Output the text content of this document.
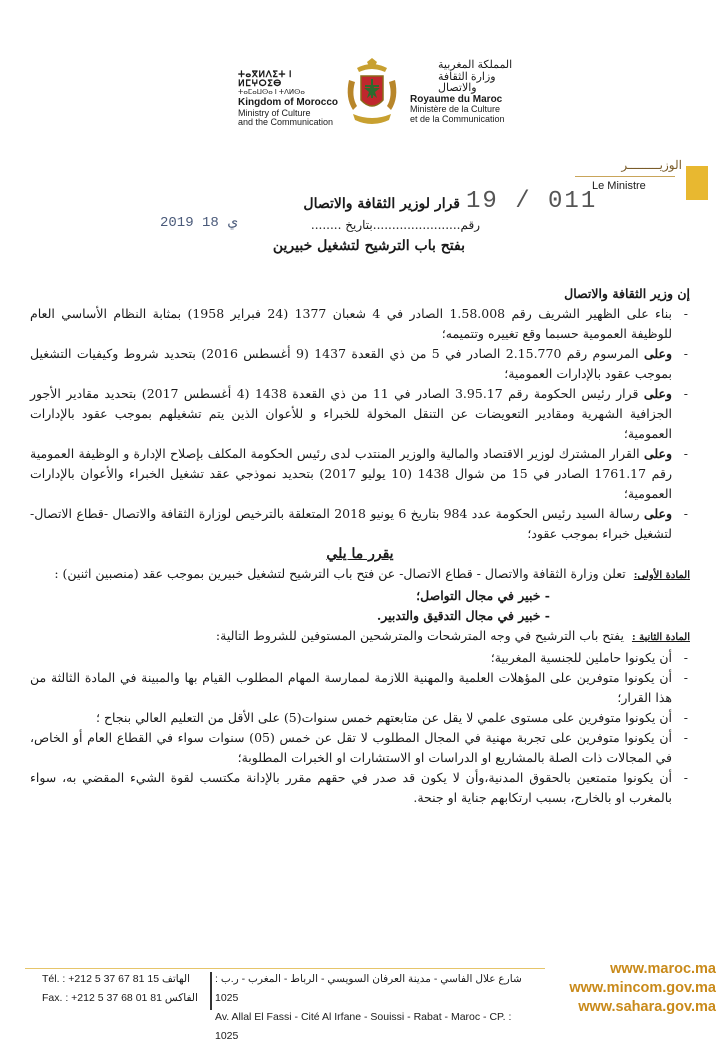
ⵜⴰⴳⵍⴷⵉⵜ ⵏ ⵍⵎⵖⵔⵉⴱ
ⵜⴰⵎⴰⵡⵙⴰ ⵏ ⵜⴷⵍⵙⴰ
Kingdom of Morocco
Ministry of Culture
and the Communication
المملكة المغربية
وزارة الثقافة والاتصال
Royaume du Maroc
Ministère de la Culture
et de la Communication
الوزيـــــــــر
Le Ministre
قرار لوزير الثقافة والاتصال 19 / 011
رقم.......................بتاريخ ........
2019 ي 18
بفتح باب الترشيح لتشغيل خبيرين

إن وزير الثقافة والاتصال

- بناء على الظهير الشريف رقم 1.58.008 الصادر في 4 شعبان 1377 (24 فبراير 1958) بمثابة النظام الأساسي العام للوظيفة العمومية حسبما وقع تغييره وتتميمه؛

- وعلى المرسوم رقم 2.15.770 الصادر في 5 من ذي القعدة 1437 (9 أغسطس 2016) بتحديد شروط وكيفيات التشغيل بموجب عقود بالإدارات العمومية؛

- وعلى قرار رئيس الحكومة رقم 3.95.17 الصادر في 11 من ذي القعدة 1438 (4 أغسطس 2017) بتحديد مقادير الأجور الجزافية الشهرية ومقادير التعويضات عن التنقل المخولة للخبراء و للأعوان الذين يتم تشغيلهم بموجب عقود بالإدارات العمومية؛

- وعلى القرار المشترك لوزير الاقتصاد والمالية والوزير المنتدب لدى رئيس الحكومة المكلف بإصلاح الإدارة و الوظيفة العمومية رقم 1761.17 الصادر في 15 من شوال 1438 (10 يوليو 2017) بتحديد نموذجي عقد تشغيل الخبراء والأعوان بالإدارات العمومية؛

- وعلى رسالة السيد رئيس الحكومة عدد 984 بتاريخ 6 يونيو 2018 المتعلقة بالترخيص لوزارة الثقافة والاتصال -قطاع الاتصال- لتشغيل خبراء بموجب عقود؛

يقرر ما يلي

المادة الأولى: تعلن وزارة الثقافة والاتصال - قطاع الاتصال- عن فتح باب الترشيح لتشغيل خبيرين بموجب عقد (منصبين اثنين) :

- خبير في مجال التواصل؛
- خبير في مجال التدقيق والتدبير.

المادة الثانية : يفتح باب الترشيح في وجه المترشحات والمترشحين المستوفين للشروط التالية:

- أن يكونوا حاملين للجنسية المغربية؛

- أن يكونوا متوفرين على المؤهلات العلمية والمهنية اللازمة لممارسة المهام المطلوب القيام بها والمبينة في المادة الثالثة من هذا القرار؛

- أن يكونوا متوفرين على مستوى علمي لا يقل عن متابعتهم خمس سنوات(5) على الأقل من التعليم العالي بنجاح ؛

- أن يكونوا متوفرين على تجربة مهنية في المجال المطلوب لا تقل عن خمس (05) سنوات سواء في القطاع العام أو الخاص، في المجالات ذات الصلة بالمشاريع او الدراسات او الاستشارات او الخبرات المطلوبة؛

- أن يكونوا متمتعين بالحقوق المدنية،وأن لا يكون قد صدر في حقهم مقرر بالإدانة مكتسب لقوة الشيء المقضي به، سواء بالمغرب او بالخارج، بسبب ارتكابهم جناية او جنحة.

Tél. : +212 5 37 67 81 15 الهاتف
Fax. : +212 5 37 68 01 81 الفاكس
شارع علال الفاسي - مدينة العرفان السويسي - الرباط - المغرب - ر.ب : 1025
Av. Allal El Fassi - Cité Al Irfane - Souissi - Rabat - Maroc - CP. : 1025
www.maroc.ma
www.mincom.gov.ma
www.sahara.gov.ma
